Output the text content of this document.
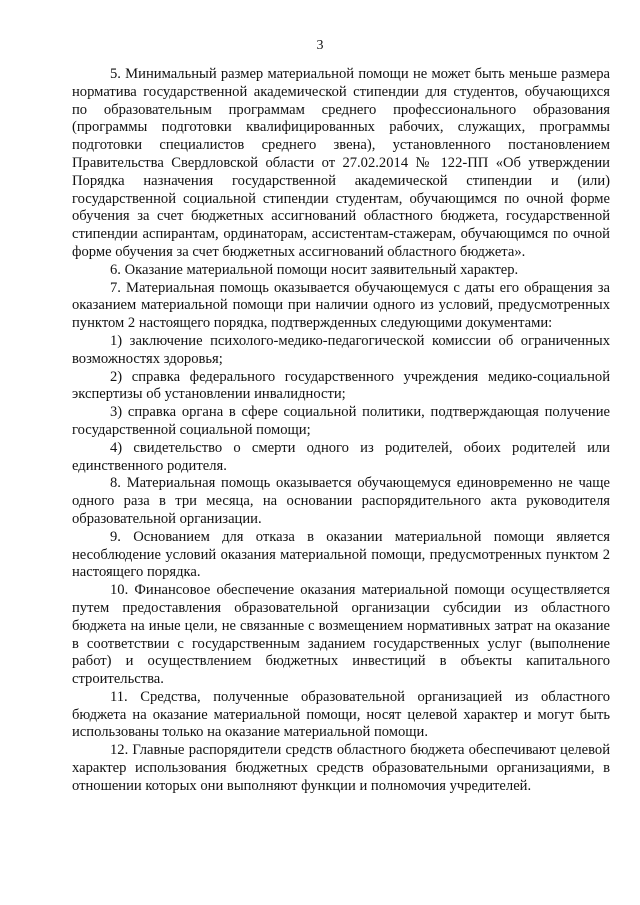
3

5. Минимальный размер материальной помощи не может быть меньше размера норматива государственной академической стипендии для студентов, обучающихся по образовательным программам среднего профессионального образования (программы подготовки квалифицированных рабочих, служащих, программы подготовки специалистов среднего звена), установленного постановлением Правительства Свердловской области от 27.02.2014 № 122-ПП «Об утверждении Порядка назначения государственной академической стипендии и (или) государственной социальной стипендии студентам, обучающимся по очной форме обучения за счет бюджетных ассигнований областного бюджета, государственной стипендии аспирантам, ординаторам, ассистентам-стажерам, обучающимся по очной форме обучения за счет бюджетных ассигнований областного бюджета».

6. Оказание материальной помощи носит заявительный характер.

7. Материальная помощь оказывается обучающемуся с даты его обращения за оказанием материальной помощи при наличии одного из условий, предусмотренных пунктом 2 настоящего порядка, подтвержденных следующими документами:

1) заключение психолого-медико-педагогической комиссии об ограниченных возможностях здоровья;

2) справка федерального государственного учреждения медико-социальной экспертизы об установлении инвалидности;

3) справка органа в сфере социальной политики, подтверждающая получение государственной социальной помощи;

4) свидетельство о смерти одного из родителей, обоих родителей или единственного родителя.

8. Материальная помощь оказывается обучающемуся единовременно не чаще одного раза в три месяца, на основании распорядительного акта руководителя образовательной организации.

9. Основанием для отказа в оказании материальной помощи является несоблюдение условий оказания материальной помощи, предусмотренных пунктом 2 настоящего порядка.

10. Финансовое обеспечение оказания материальной помощи осуществляется путем предоставления образовательной организации субсидии из областного бюджета на иные цели, не связанные с возмещением нормативных затрат на оказание в соответствии с государственным заданием государственных услуг (выполнение работ) и осуществлением бюджетных инвестиций в объекты капитального строительства.

11. Средства, полученные образовательной организацией из областного бюджета на оказание материальной помощи, носят целевой характер и могут быть использованы только на оказание материальной помощи.

12. Главные распорядители средств областного бюджета обеспечивают целевой характер использования бюджетных средств образовательными организациями, в отношении которых они выполняют функции и полномочия учредителей.
